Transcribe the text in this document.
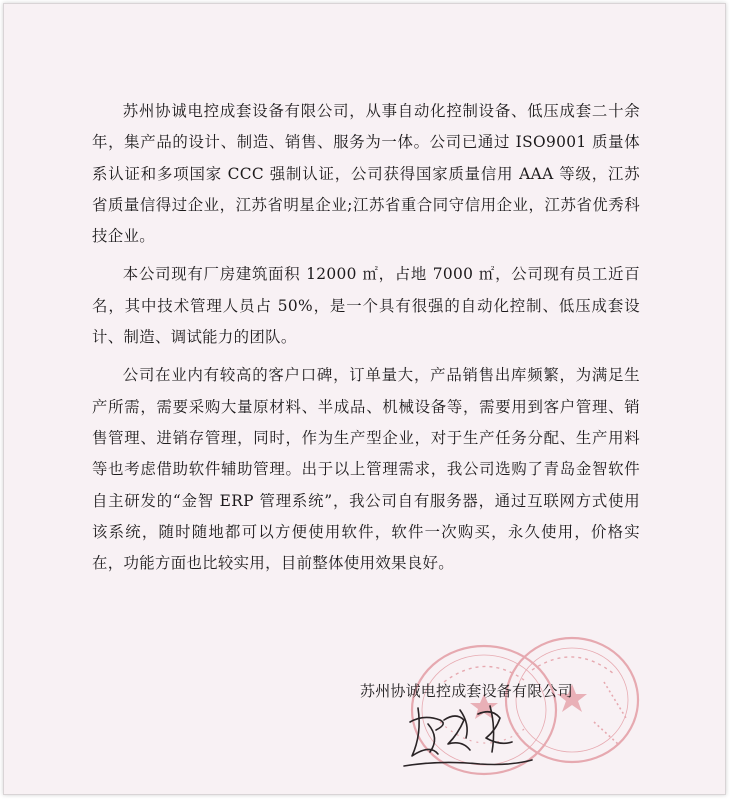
苏州协诚电控成套设备有限公司，从事自动化控制设备、低压成套二十余年，集产品的设计、制造、销售、服务为一体。公司已通过 ISO9001 质量体系认证和多项国家 CCC 强制认证，公司获得国家质量信用 AAA 等级，江苏省质量信得过企业，江苏省明星企业;江苏省重合同守信用企业，江苏省优秀科技企业。

本公司现有厂房建筑面积 12000 ㎡，占地 7000 ㎡，公司现有员工近百名，其中技术管理人员占 50%，是一个具有很强的自动化控制、低压成套设计、制造、调试能力的团队。

公司在业内有较高的客户口碑，订单量大，产品销售出库频繁，为满足生产所需，需要采购大量原材料、半成品、机械设备等，需要用到客户管理、销售管理、进销存管理，同时，作为生产型企业，对于生产任务分配、生产用料等也考虑借助软件辅助管理。出于以上管理需求，我公司选购了青岛金智软件自主研发的“金智 ERP 管理系统”，我公司自有服务器，通过互联网方式使用该系统，随时随地都可以方便使用软件，软件一次购买，永久使用，价格实在，功能方面也比较实用，目前整体使用效果良好。

苏州协诚电控成套设备有限公司
